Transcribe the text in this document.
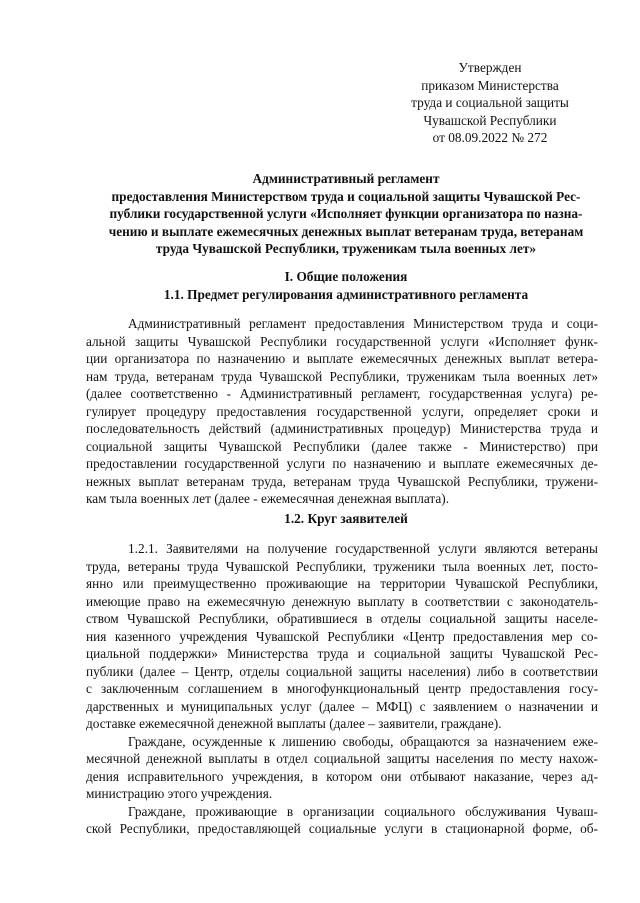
Утвержден
приказом Министерства
труда и социальной защиты
Чувашской Республики
от 08.09.2022 № 272
Административный регламент
предоставления Министерством труда и социальной защиты Чувашской Рес-
публики государственной услуги «Исполняет функции организатора по назна-
чению и выплате ежемесячных денежных выплат ветеранам труда, ветеранам
труда Чувашской Республики, труженикам тыла военных лет»
I. Общие положения
1.1. Предмет регулирования административного регламента
Административный регламент предоставления Министерством труда и соци-
альной защиты Чувашской Республики государственной услуги «Исполняет функ-
ции организатора по назначению и выплате ежемесячных денежных выплат ветера-
нам труда, ветеранам труда Чувашской Республики, труженикам тыла военных лет»
(далее соответственно - Административный регламент, государственная услуга) ре-
гулирует процедуру предоставления государственной услуги, определяет сроки и
последовательность действий (административных процедур) Министерства труда и
социальной защиты Чувашской Республики (далее также - Министерство) при
предоставлении государственной услуги по назначению и выплате ежемесячных де-
нежных выплат ветеранам труда, ветеранам труда Чувашской Республики, тружени-
кам тыла военных лет (далее - ежемесячная денежная выплата).
1.2. Круг заявителей
1.2.1. Заявителями на получение государственной услуги являются ветераны
труда, ветераны труда Чувашской Республики, труженики тыла военных лет, посто-
янно или преимущественно проживающие на территории Чувашской Республики,
имеющие право на ежемесячную денежную выплату в соответствии с законодатель-
ством Чувашской Республики, обратившиеся в отделы социальной защиты населе-
ния казенного учреждения Чувашской Республики «Центр предоставления мер со-
циальной поддержки» Министерства труда и социальной защиты Чувашской Рес-
публики (далее – Центр, отделы социальной защиты населения) либо в соответствии
с заключенным соглашением в многофункциональный центр предоставления госу-
дарственных и муниципальных услуг (далее – МФЦ) с заявлением о назначении и
доставке ежемесячной денежной выплаты (далее – заявители, граждане).
Граждане, осужденные к лишению свободы, обращаются за назначением еже-
месячной денежной выплаты в отдел социальной защиты населения по месту нахож-
дения исправительного учреждения, в котором они отбывают наказание, через ад-
министрацию этого учреждения.
Граждане, проживающие в организации социального обслуживания Чуваш-
ской Республики, предоставляющей социальные услуги в стационарной форме, об-
